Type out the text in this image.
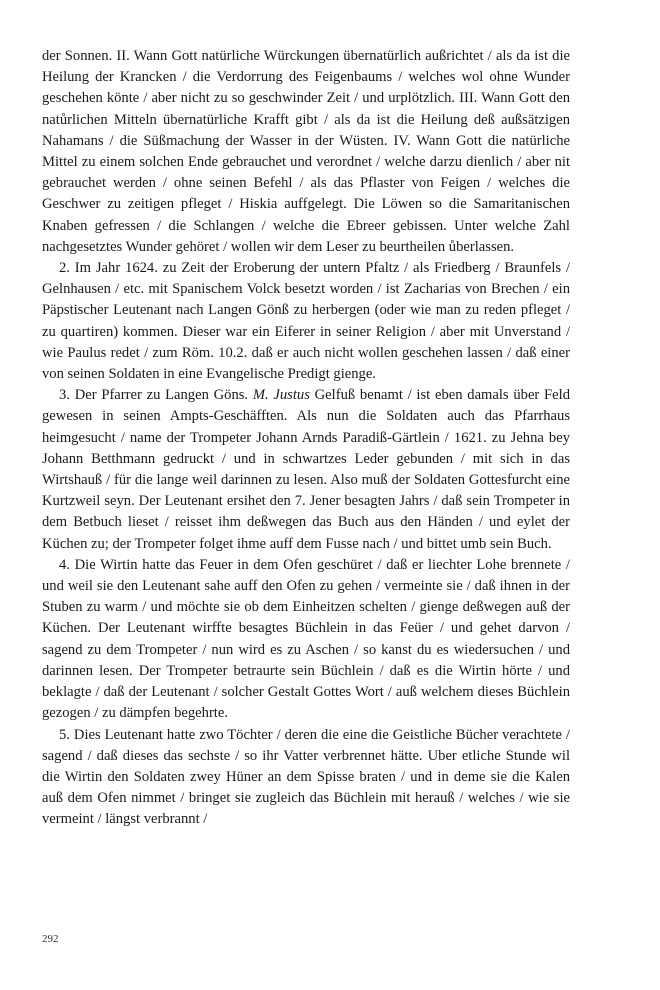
der Sonnen. II. Wann Gott natürliche Würckungen übernatürlich außrichtet / als da ist die Heilung der Krancken / die Verdorrung des Feigenbaums / welches wol ohne Wunder geschehen könte / aber nicht zu so geschwinder Zeit / und urplötzlich. III. Wann Gott den natůrlichen Mitteln übernatürliche Krafft gibt / als da ist die Heilung deß außsätzigen Nahamans / die Süßmachung der Wasser in der Wüsten. IV. Wann Gott die natürliche Mittel zu einem solchen Ende gebrauchet und verordnet / welche darzu dienlich / aber nit gebrauchet werden / ohne seinen Befehl / als das Pflaster von Feigen / welches die Geschwer zu zeitigen pfleget / Hiskia auffgelegt. Die Löwen so die Samaritanischen Knaben gefressen / die Schlangen / welche die Ebreer gebissen. Unter welche Zahl nachgesetztes Wunder gehöret / wollen wir dem Leser zu beurtheilen ůberlassen.

2. Im Jahr 1624. zu Zeit der Eroberung der untern Pfaltz / als Friedberg / Braunfels / Gelnhausen / etc. mit Spanischem Volck besetzt worden / ist Zacharias von Brechen / ein Päpstischer Leutenant nach Langen Gönß zu herbergen (oder wie man zu reden pfleget / zu quartiren) kommen. Dieser war ein Eiferer in seiner Religion / aber mit Unverstand / wie Paulus redet / zum Röm. 10.2. daß er auch nicht wollen geschehen lassen / daß einer von seinen Soldaten in eine Evangelische Predigt gienge.

3. Der Pfarrer zu Langen Göns. M. Justus Gelfuß benamt / ist eben damals über Feld gewesen in seinen Ampts-Geschäfften. Als nun die Soldaten auch das Pfarrhaus heimgesucht / name der Trompeter Johann Arnds Paradiß-Gärtlein / 1621. zu Jehna bey Johann Betthmann gedruckt / und in schwartzes Leder gebunden / mit sich in das Wirtshauß / für die lange weil darinnen zu lesen. Also muß der Soldaten Gottesfurcht eine Kurtzweil seyn. Der Leutenant ersihet den 7. Jener besagten Jahrs / daß sein Trompeter in dem Betbuch lieset / reisset ihm deßwegen das Buch aus den Händen / und eylet der Küchen zu; der Trompeter folget ihme auff dem Fusse nach / und bittet umb sein Buch.

4. Die Wirtin hatte das Feuer in dem Ofen geschüret / daß er liechter Lohe brennete / und weil sie den Leutenant sahe auff den Ofen zu gehen / vermeinte sie / daß ihnen in der Stuben zu warm / und möchte sie ob dem Einheitzen schelten / gienge deßwegen auß der Küchen. Der Leutenant wirffte besagtes Büchlein in das Feüer / und gehet darvon / sagend zu dem Trompeter / nun wird es zu Aschen / so kanst du es wiedersuchen / und darinnen lesen. Der Trompeter betraurte sein Büchlein / daß es die Wirtin hörte / und beklagte / daß der Leutenant / solcher Gestalt Gottes Wort / auß welchem dieses Büchlein gezogen / zu dämpfen begehrte.

5. Dies Leutenant hatte zwo Töchter / deren die eine die Geistliche Bücher verachtete / sagend / daß dieses das sechste / so ihr Vatter verbrennet hätte. Uber etliche Stunde wil die Wirtin den Soldaten zwey Hüner an dem Spisse braten / und in deme sie die Kalen auß dem Ofen nimmet / bringet sie zugleich das Büchlein mit herauß / welches / wie sie vermeint / längst verbrannt /

292
